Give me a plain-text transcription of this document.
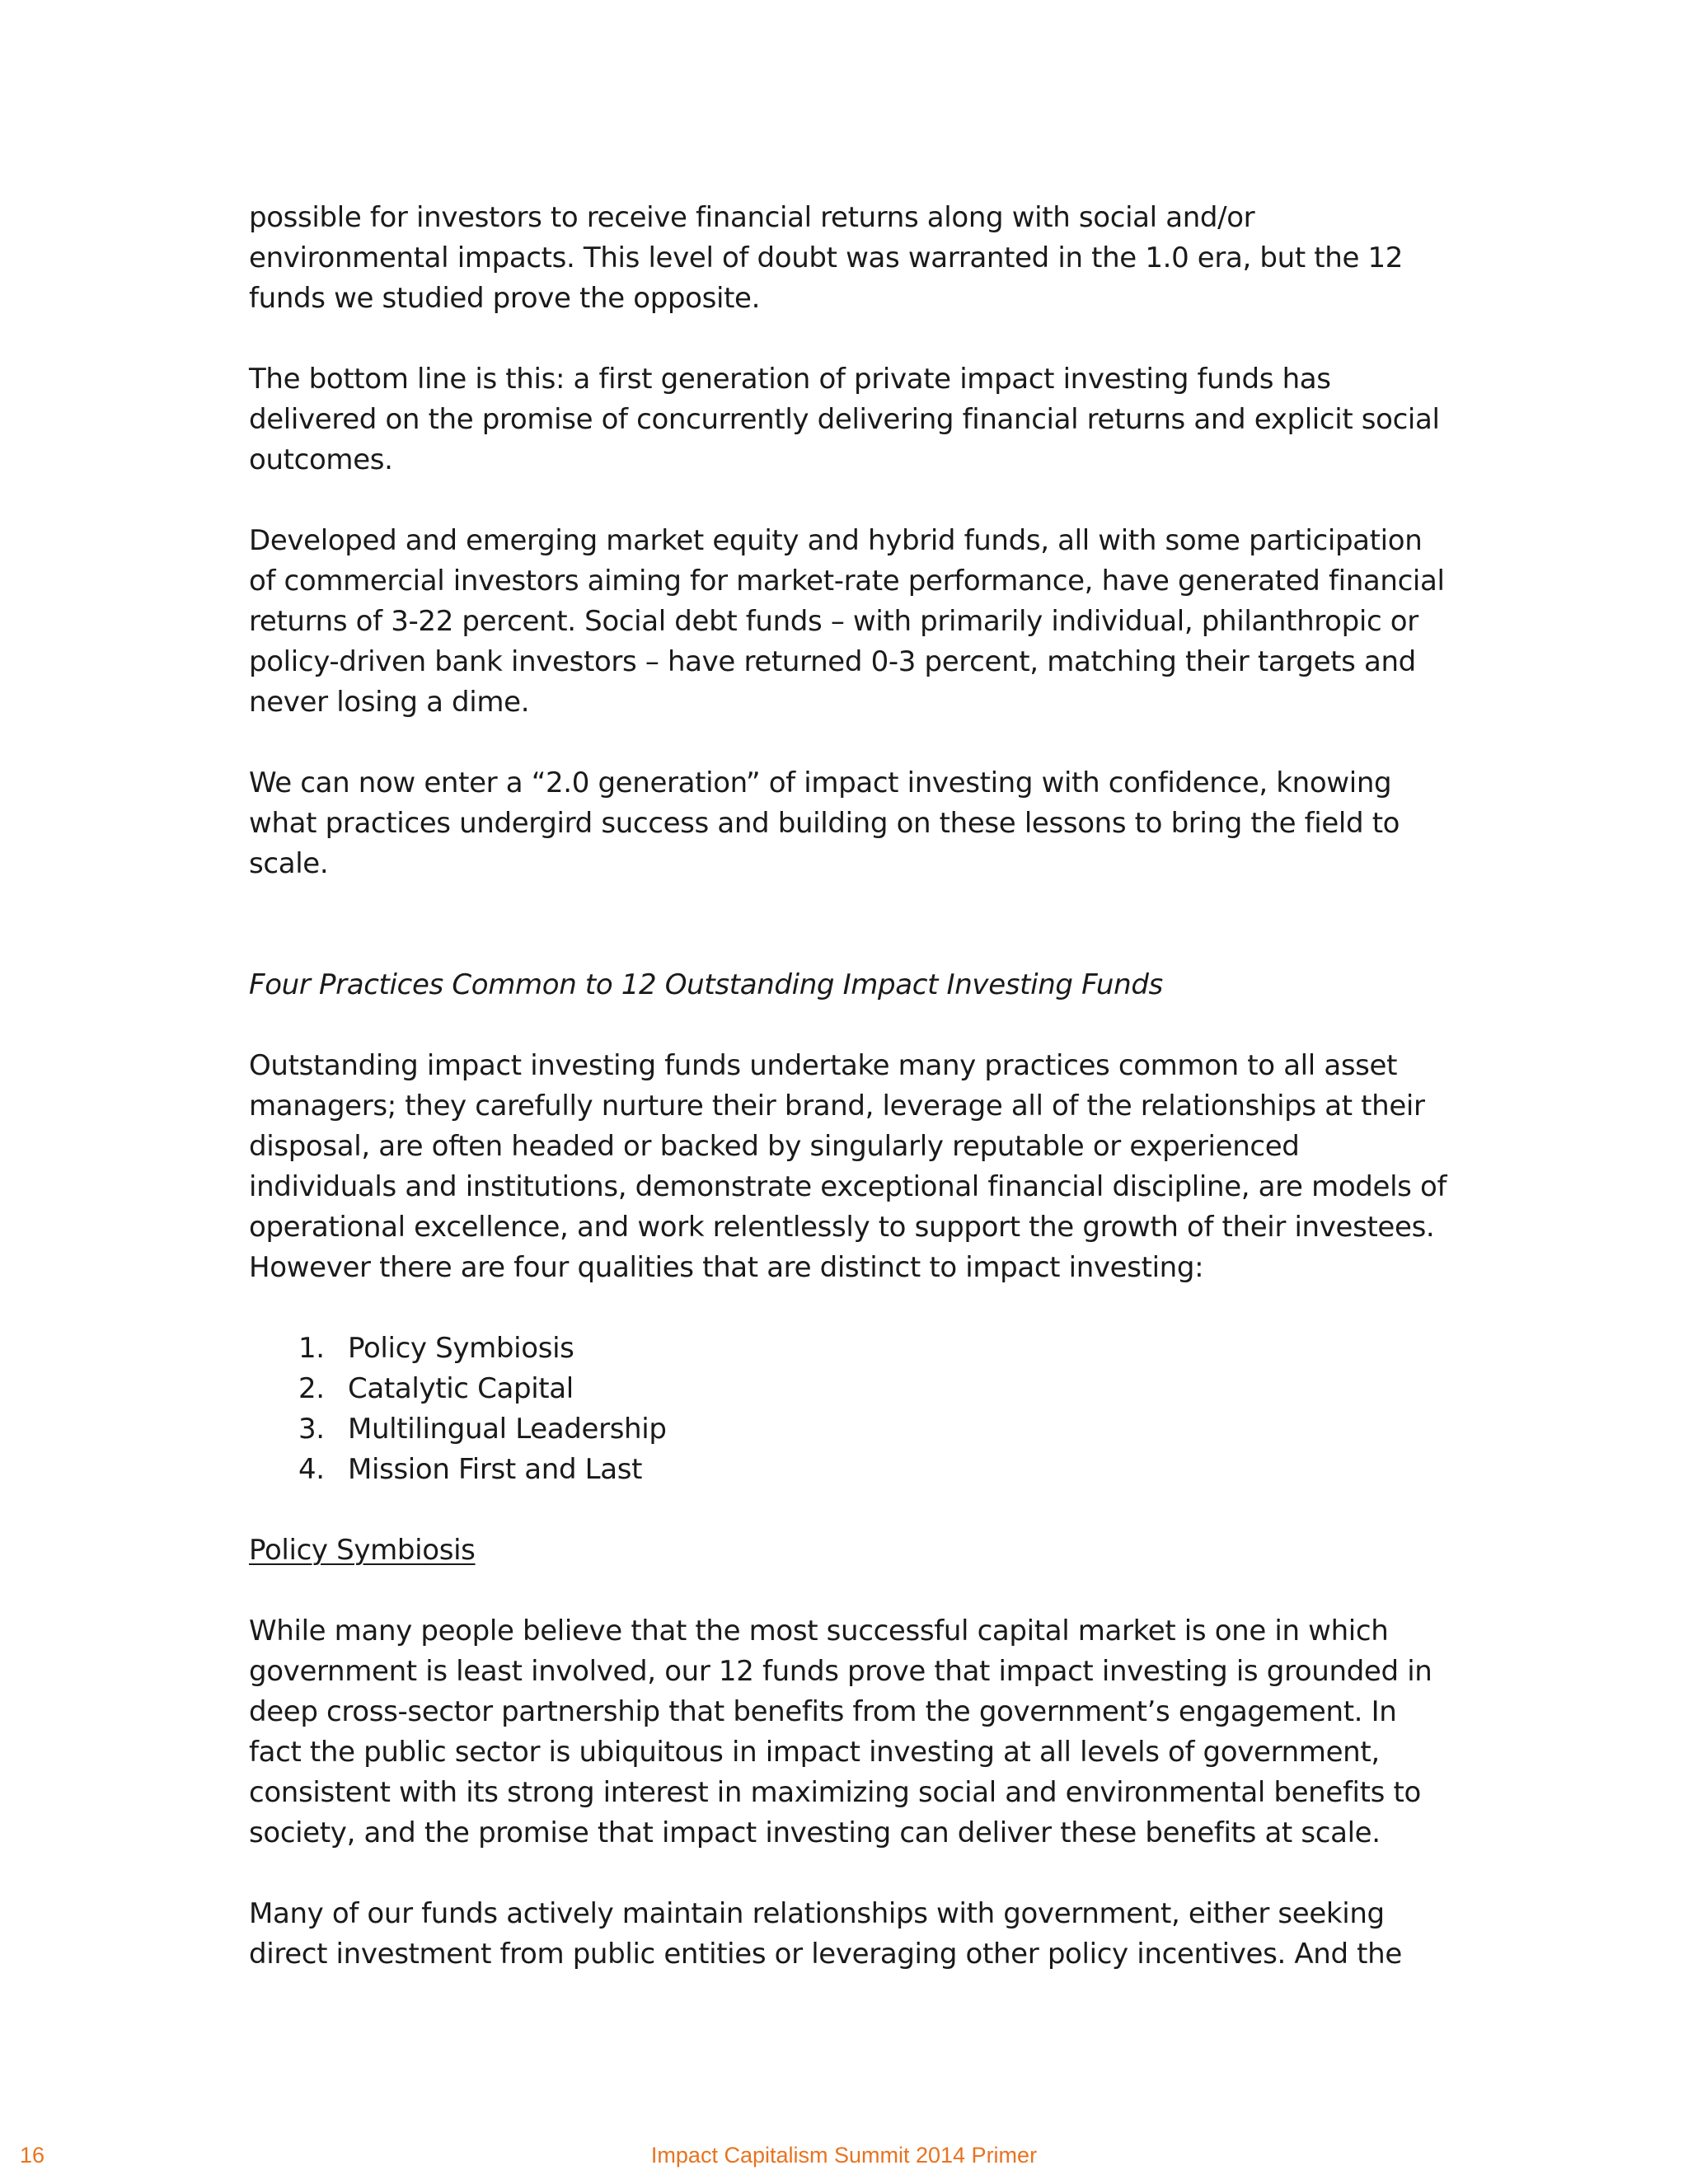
possible for investors to receive financial returns along with social and/or environmental impacts. This level of doubt was warranted in the 1.0 era, but the 12 funds we studied prove the opposite.

The bottom line is this: a first generation of private impact investing funds has delivered on the promise of concurrently delivering financial returns and explicit social outcomes.

Developed and emerging market equity and hybrid funds, all with some participation of commercial investors aiming for market-rate performance, have generated financial returns of 3-22 percent. Social debt funds – with primarily individual, philanthropic or policy-driven bank investors – have returned 0-3 percent, matching their targets and never losing a dime.

We can now enter a “2.0 generation” of impact investing with confidence, knowing what practices undergird success and building on these lessons to bring the field to scale.

Four Practices Common to 12 Outstanding Impact Investing Funds

Outstanding impact investing funds undertake many practices common to all asset managers; they carefully nurture their brand, leverage all of the relationships at their disposal, are often headed or backed by singularly reputable or experienced individuals and institutions, demonstrate exceptional financial discipline, are models of operational excellence, and work relentlessly to support the growth of their investees. However there are four qualities that are distinct to impact investing:

1. Policy Symbiosis
2. Catalytic Capital
3. Multilingual Leadership
4. Mission First and Last

Policy Symbiosis

While many people believe that the most successful capital market is one in which government is least involved, our 12 funds prove that impact investing is grounded in deep cross-sector partnership that benefits from the government’s engagement. In fact the public sector is ubiquitous in impact investing at all levels of government, consistent with its strong interest in maximizing social and environmental benefits to society, and the promise that impact investing can deliver these benefits at scale.

Many of our funds actively maintain relationships with government, either seeking direct investment from public entities or leveraging other policy incentives. And the

16	Impact Capitalism Summit 2014 Primer
